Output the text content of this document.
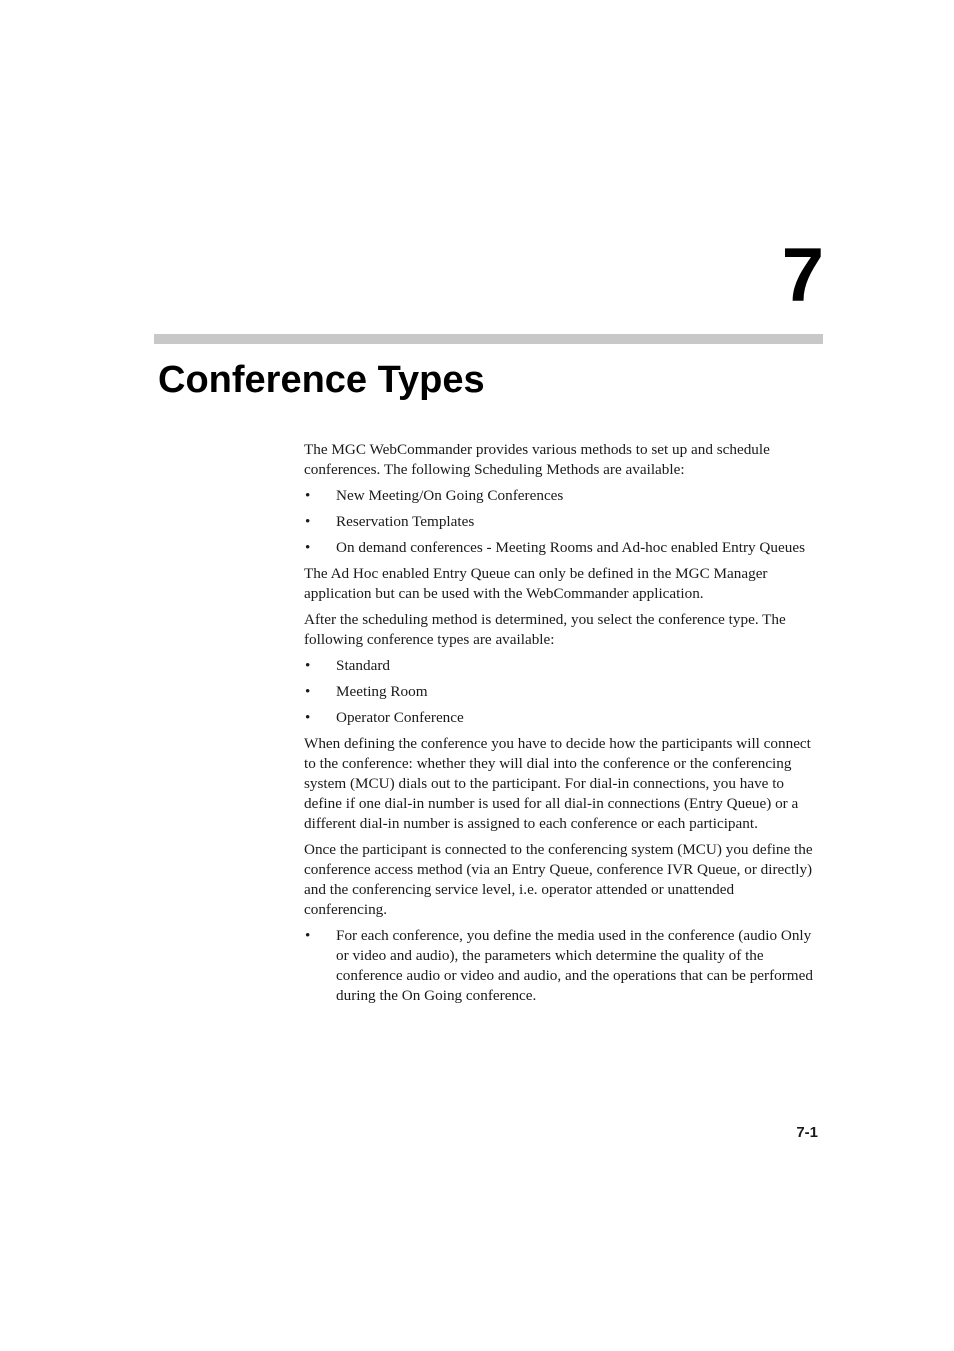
7
Conference Types

The MGC WebCommander provides various methods to set up and schedule conferences. The following Scheduling Methods are available:

• New Meeting/On Going Conferences
• Reservation Templates
• On demand conferences - Meeting Rooms and Ad-hoc enabled Entry Queues

The Ad Hoc enabled Entry Queue can only be defined in the MGC Manager application but can be used with the WebCommander application.

After the scheduling method is determined, you select the conference type. The following conference types are available:

• Standard
• Meeting Room
• Operator Conference

When defining the conference you have to decide how the participants will connect to the conference: whether they will dial into the conference or the conferencing system (MCU) dials out to the participant. For dial-in connections, you have to define if one dial-in number is used for all dial-in connections (Entry Queue) or a different dial-in number is assigned to each conference or each participant.

Once the participant is connected to the conferencing system (MCU) you define the conference access method (via an Entry Queue, conference IVR Queue, or directly) and the conferencing service level, i.e. operator attended or unattended conferencing.

• For each conference, you define the media used in the conference (audio Only or video and audio), the parameters which determine the quality of the conference audio or video and audio, and the operations that can be performed during the On Going conference.
7-1
